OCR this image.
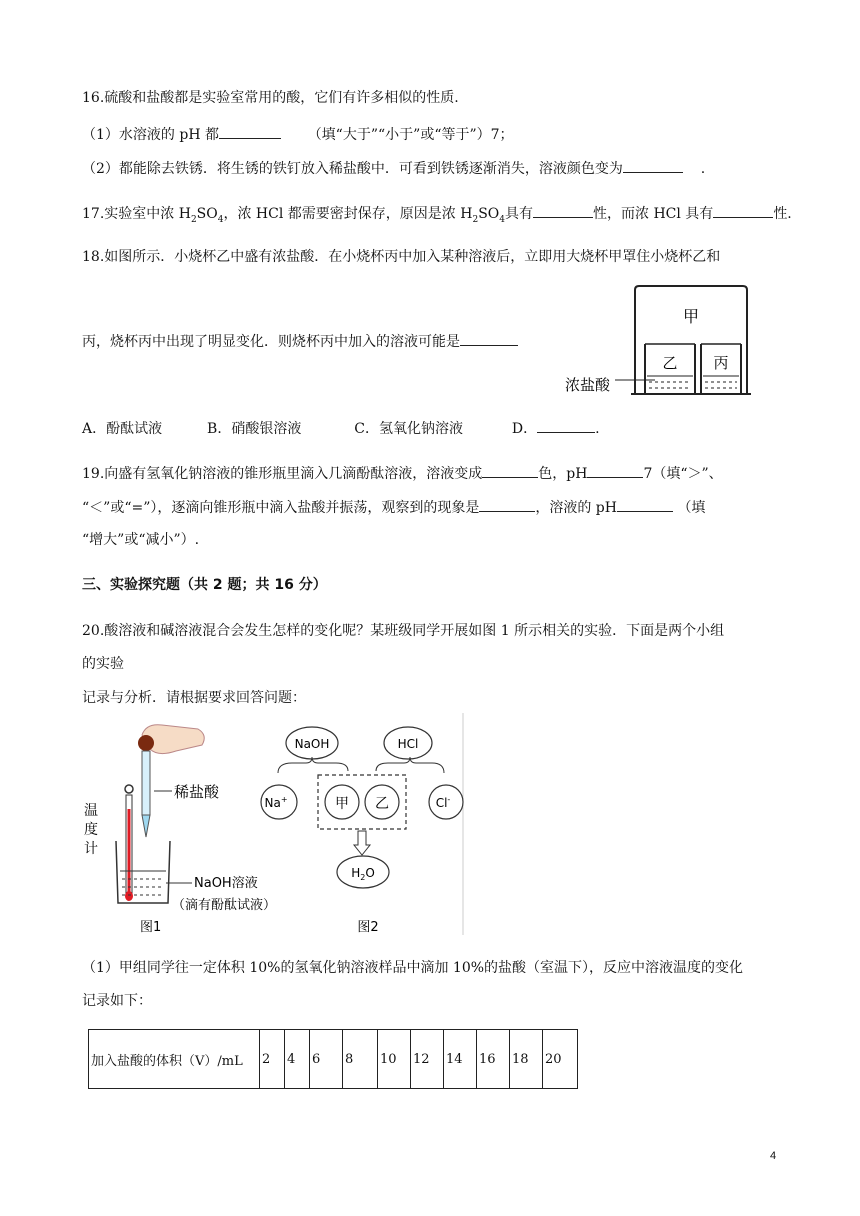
16.硫酸和盐酸都是实验室常用的酸，它们有许多相似的性质.
（1）水溶液的 pH 都	（填“大于”“小于”或“等于”）7；
（2）都能除去铁锈．将生锈的铁钉放入稀盐酸中．可看到铁锈逐渐消失，溶液颜色变为	.
17.实验室中浓 $H_2SO_4$，浓 HCl 都需要密封保存，原因是浓 $H_2SO_4$具有	性，而浓 HCl 具有	性.
18.如图所示．小烧杯乙中盛有浓盐酸．在小烧杯丙中加入某种溶液后，立即用大烧杯甲罩住小烧杯乙和
丙，烧杯丙中出现了明显变化．则烧杯丙中加入的溶液可能是
甲
乙 丙
浓盐酸
A．酚酞试液	B．硝酸银溶液	C．氢氧化钠溶液	D．	.
19.向盛有氢氧化钠溶液的锥形瓶里滴入几滴酚酞溶液，溶液变成	色，pH	7（填“＞”、
“＜”或“=”），逐滴向锥形瓶中滴入盐酸并振荡，观察到的现象是	，溶液的 pH	（填
“增大”或“减小”）.
三、实验探究题（共 2 题；共 16 分）
20.酸溶液和碱溶液混合会发生怎样的变化呢？某班级同学开展如图 1 所示相关的实验．下面是两个小组
的实验
记录与分析．请根据要求回答问题：
稀盐酸
温
度
计
NaOH溶液
（滴有酚酞试液）
图1
NaOH	HCl
Na+	甲 乙	Cl-
$H_2O$
图2
（1）甲组同学往一定体积 10%的氢氧化钠溶液样品中滴加 10%的盐酸（室温下），反应中溶液温度的变化
记录如下：
加入盐酸的体积（V）/mL	2	4	6	8	10	12	14	16	18	20
4
